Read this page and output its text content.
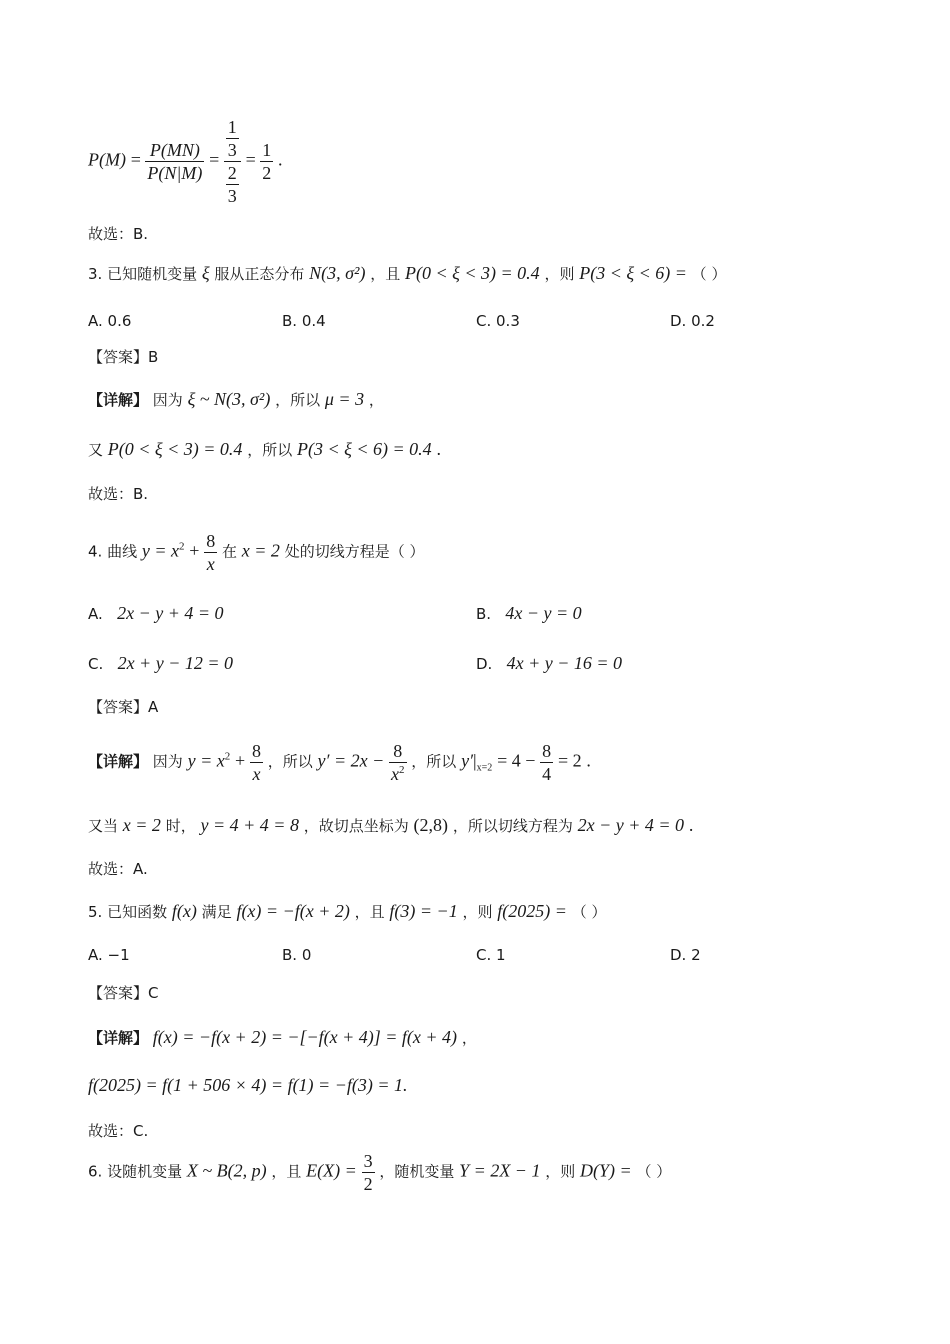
$P(M) = \frac{P(MN)}{P(N|M)} = \frac{\frac{1}{3}}{\frac{2}{3}} = \frac{1}{2}$ .
故选：B.
3. 已知随机变量 ξ 服从正态分布 N(3, σ²) ，且 P(0 < ξ < 3) = 0.4 ，则 P(3 < ξ < 6) = （ ）
A. 0.6	B. 0.4	C. 0.3	D. 0.2
【答案】B
【详解】 因为 ξ ~ N(3, σ²) ，所以 μ = 3 ，
又 P(0 < ξ < 3) = 0.4 ，所以 P(3 < ξ < 6) = 0.4 .
故选：B.
4. 曲线 $y = x^2 + \frac{8}{x}$ 在 x = 2 处的切线方程是（ ）
A. 2x − y + 4 = 0	B. 4x − y = 0
C. 2x + y − 12 = 0	D. 4x + y − 16 = 0
【答案】A
【详解】 因为 $y = x^2 + \frac{8}{x}$ ，所以 $y' = 2x - \frac{8}{x^2}$ ，所以 $y'|_{x=2} = 4 - \frac{8}{4} = 2$ .
又当 x = 2 时， y = 4 + 4 = 8 ，故切点坐标为 (2,8) ，所以切线方程为 2x − y + 4 = 0 .
故选：A.
5. 已知函数 f(x) 满足 f(x) = −f(x + 2) ，且 f(3) = −1 ，则 f(2025) = （ ）
A. −1	B. 0	C. 1	D. 2
【答案】C
【详解】 f(x) = −f(x + 2) = −[−f(x + 4)] = f(x + 4) ，
f(2025) = f(1 + 506 × 4) = f(1) = −f(3) = 1.
故选：C.
6. 设随机变量 X ~ B(2, p) ，且 $E(X) = \frac{3}{2}$ ，随机变量 Y = 2X − 1 ，则 D(Y) = （ ）
